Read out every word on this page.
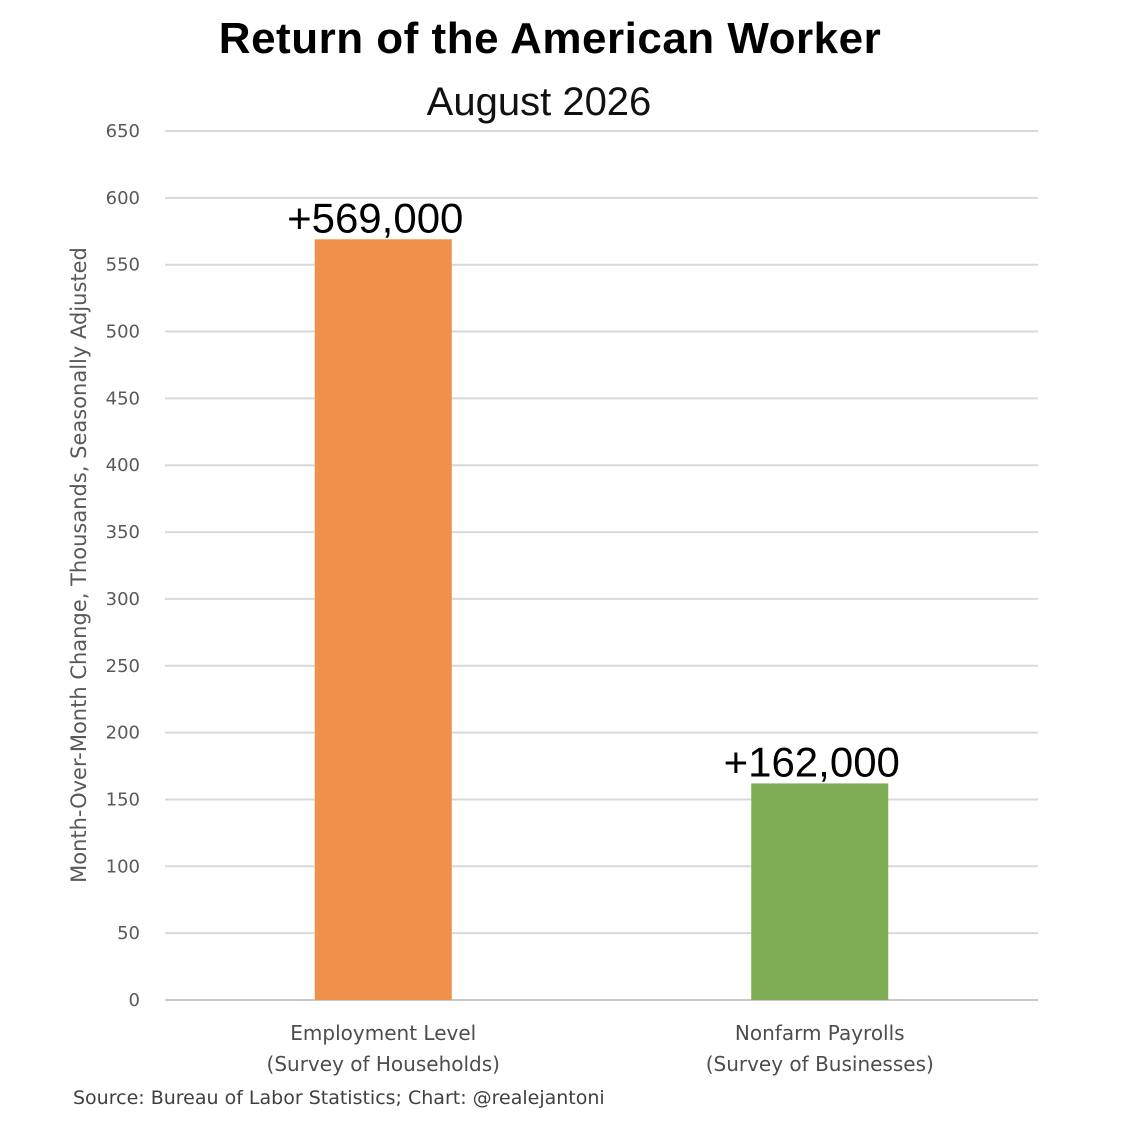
Return of the American Worker
August 2026
Month-Over-Month Change, Thousands, Seasonally Adjusted
0
50
100
150
200
250
300
350
400
450
500
550
600
650
+569,000
Employment Level
(Survey of Households)
+162,000
Nonfarm Payrolls
(Survey of Businesses)
Source: Bureau of Labor Statistics; Chart: @realejantoni
